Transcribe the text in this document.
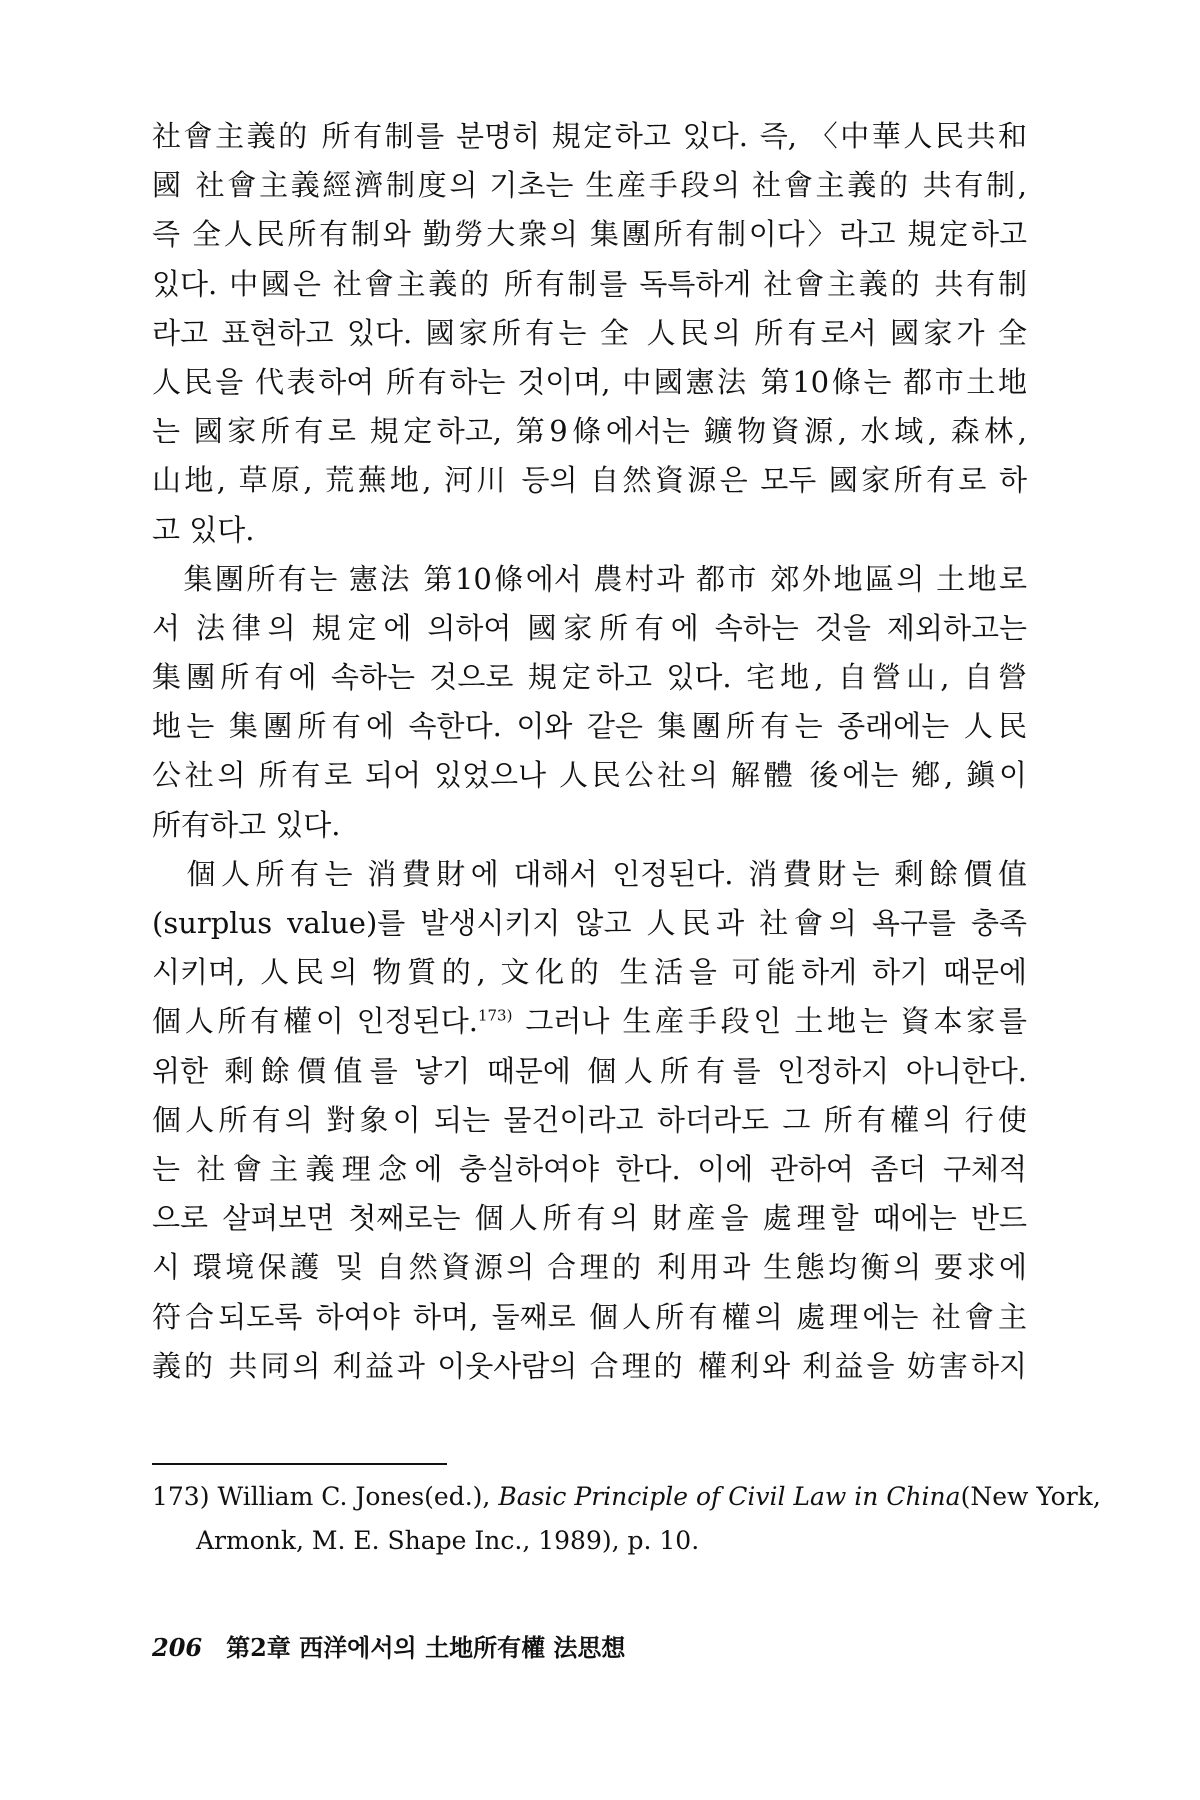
社會主義的 所有制를 분명히 規定하고 있다. 즉, 〈中華人民共和
國 社會主義經濟制度의 기초는 生産手段의 社會主義的 共有制,
즉 全人民所有制와 勤勞大衆의 集團所有制이다〉라고 規定하고
있다. 中國은 社會主義的 所有制를 독특하게 社會主義的 共有制
라고 표현하고 있다. 國家所有는 全 人民의 所有로서 國家가 全
人民을 代表하여 所有하는 것이며, 中國憲法 第10條는 都市土地
는 國家所有로 規定하고, 第9條에서는 鑛物資源, 水域, 森林,
山地, 草原, 荒蕪地, 河川 등의 自然資源은 모두 國家所有로 하
고 있다.
　集團所有는 憲法 第10條에서 農村과 都市 郊外地區의 土地로
서 法律의 規定에 의하여 國家所有에 속하는 것을 제외하고는
集團所有에 속하는 것으로 規定하고 있다. 宅地, 自營山, 自營
地는 集團所有에 속한다. 이와 같은 集團所有는 종래에는 人民
公社의 所有로 되어 있었으나 人民公社의 解體 後에는 鄕, 鎭이
所有하고 있다.
　個人所有는 消費財에 대해서 인정된다. 消費財는 剩餘價值
(surplus value)를 발생시키지 않고 人民과 社會의 욕구를 충족
시키며, 人民의 物質的, 文化的 生活을 可能하게 하기 때문에
個人所有權이 인정된다.$^{173)}$ 그러나 生産手段인 土地는 資本家를
위한 剩餘價值를 낳기 때문에 個人所有를 인정하지 아니한다.
個人所有의 對象이 되는 물건이라고 하더라도 그 所有權의 行使
는 社會主義理念에 충실하여야 한다. 이에 관하여 좀더 구체적
으로 살펴보면 첫째로는 個人所有의 財産을 處理할 때에는 반드
시 環境保護 및 自然資源의 合理的 利用과 生態均衡의 要求에
符合되도록 하여야 하며, 둘째로 個人所有權의 處理에는 社會主
義的 共同의 利益과 이웃사람의 合理的 權利와 利益을 妨害하지
173) William C. Jones(ed.), Basic Principle of Civil Law in China(New York,
Armonk, M. E. Shape Inc., 1989), p. 10.
206 第2章 西洋에서의 土地所有權 法思想
